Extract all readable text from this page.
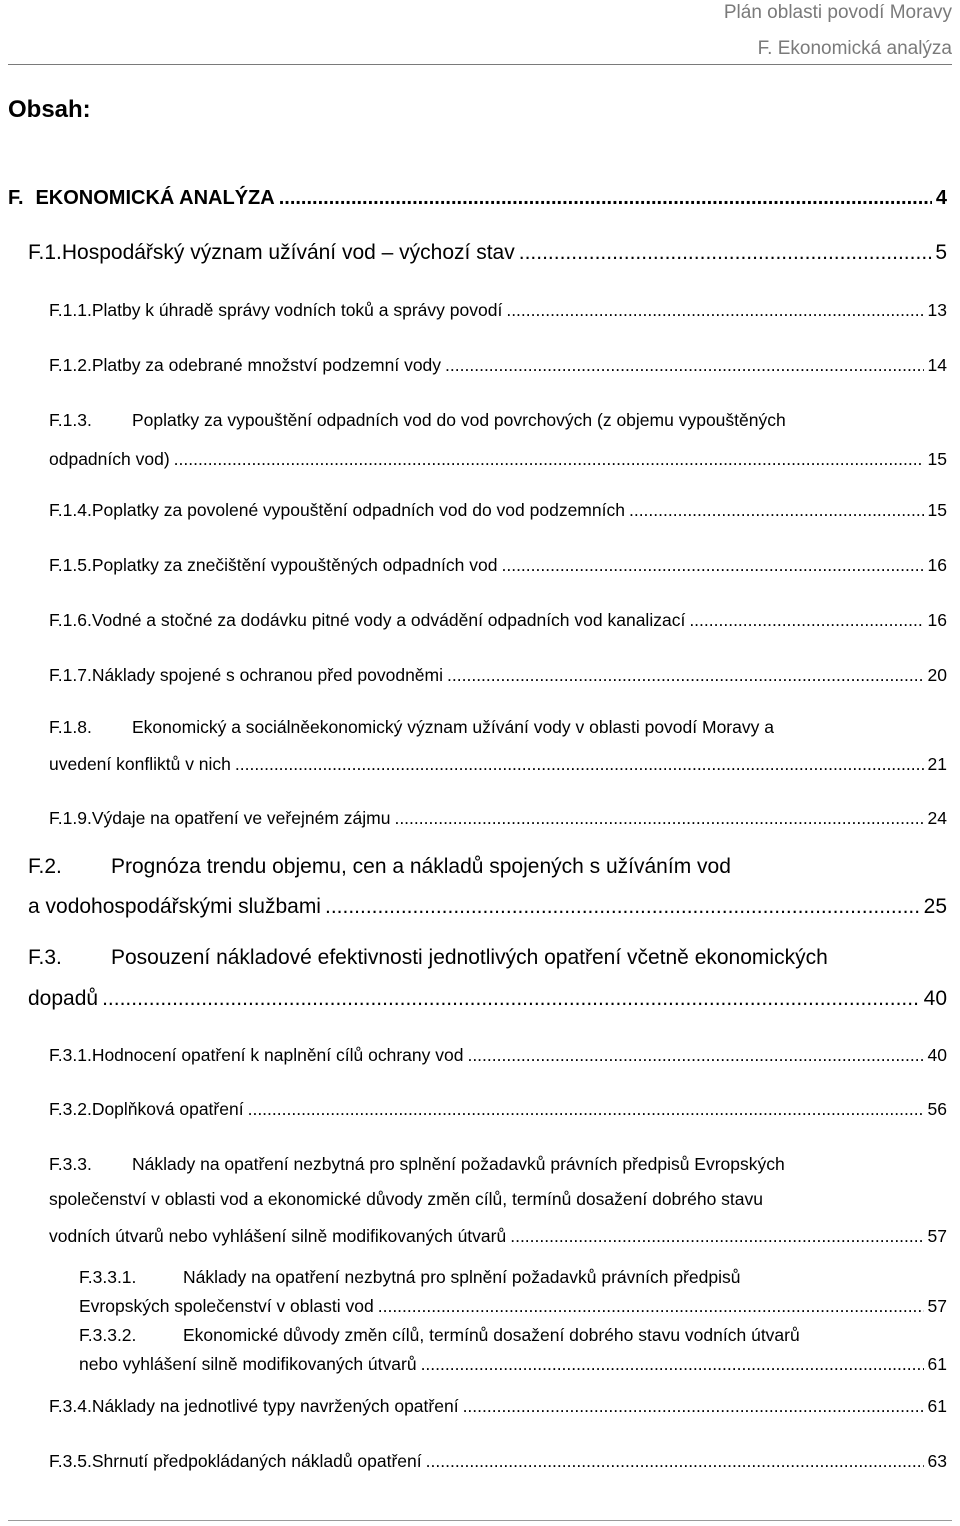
Plán oblasti povodí Moravy
F. Ekonomická analýza
Obsah:
F. EKONOMICKÁ ANALÝZA .....	4
F.1. Hospodářský význam užívání vod – výchozí stav .....	5
F.1.1. Platby k úhradě správy vodních toků a správy povodí .....	13
F.1.2. Platby za odebrané množství podzemní vody .....	14
F.1.3.	Poplatky za vypouštění odpadních vod do vod povrchových (z objemu vypouštěných
odpadních vod) .....	15
F.1.4. Poplatky za povolené vypouštění odpadních vod do vod podzemních .....	15
F.1.5. Poplatky za znečištění vypouštěných odpadních vod .....	16
F.1.6. Vodné a stočné za dodávku pitné vody a odvádění odpadních vod kanalizací .....	16
F.1.7. Náklady spojené s ochranou před povodněmi .....	20
F.1.8.	Ekonomický a sociálněekonomický význam užívání vody v oblasti povodí Moravy a
uvedení konfliktů v nich .....	21
F.1.9. Výdaje na opatření ve veřejném zájmu .....	24
F.2.	Prognóza trendu objemu, cen a nákladů spojených s užíváním vod
a vodohospodářskými službami .....	25
F.3.	Posouzení nákladové efektivnosti jednotlivých opatření včetně ekonomických
dopadů .....	40
F.3.1. Hodnocení opatření k naplnění cílů ochrany vod .....	40
F.3.2. Doplňková opatření .....	56
F.3.3.	Náklady na opatření nezbytná pro splnění požadavků právních předpisů Evropských
společenství v oblasti vod a ekonomické důvody změn cílů, termínů dosažení dobrého stavu
vodních útvarů nebo vyhlášení silně modifikovaných útvarů .....	57
F.3.3.1.	Náklady na opatření nezbytná pro splnění požadavků právních předpisů
Evropských společenství v oblasti vod .....	57
F.3.3.2.	Ekonomické důvody změn cílů, termínů dosažení dobrého stavu vodních útvarů
nebo vyhlášení silně modifikovaných útvarů .....	61
F.3.4. Náklady na jednotlivé typy navržených opatření .....	61
F.3.5. Shrnutí předpokládaných nákladů opatření .....	63
